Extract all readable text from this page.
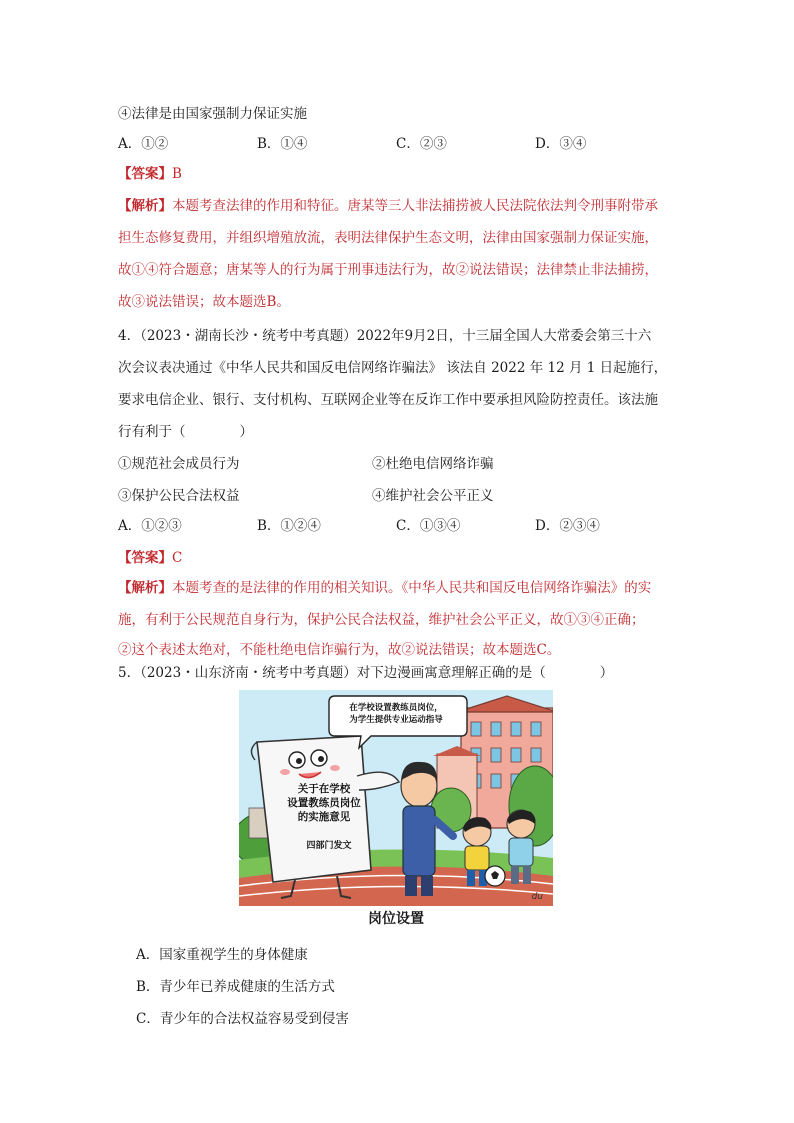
④法律是由国家强制力保证实施
A．①②	B．①④	C．②③	D．③④
【答案】B
【解析】本题考查法律的作用和特征。唐某等三人非法捕捞被人民法院依法判令刑事附带承
担生态修复费用，并组织增殖放流，表明法律保护生态文明，法律由国家强制力保证实施，
故①④符合题意；唐某等人的行为属于刑事违法行为，故②说法错误；法律禁止非法捕捞，
故③说法错误；故本题选B。
4．（2023・湖南长沙・统考中考真题）2022年9月2日，十三届全国人大常委会第三十六
次会议表决通过《中华人民共和国反电信网络诈骗法》 该法自 2022 年 12 月 1 日起施行，
要求电信企业、银行、支付机构、互联网企业等在反诈工作中要承担风险防控责任。该法施
行有利于（　　　　）
①规范社会成员行为	②杜绝电信网络诈骗
③保护公民合法权益	④维护社会公平正义
A．①②③	B．①②④	C．①③④	D．②③④
【答案】C
【解析】本题考查的是法律的作用的相关知识。《中华人民共和国反电信网络诈骗法》的实
施，有利于公民规范自身行为，保护公民合法权益，维护社会公平正义，故①③④正确；
②这个表述太绝对，不能杜绝电信诈骗行为，故②说法错误；故本题选C。
5．（2023・山东济南・统考中考真题）对下边漫画寓意理解正确的是（　　　　）
在学校设置教练员岗位，
为学生提供专业运动指导
关于在学校
设置教练员岗位
的实施意见
四部门发文
du
岗位设置
A．国家重视学生的身体健康
B．青少年已养成健康的生活方式
C．青少年的合法权益容易受到侵害
